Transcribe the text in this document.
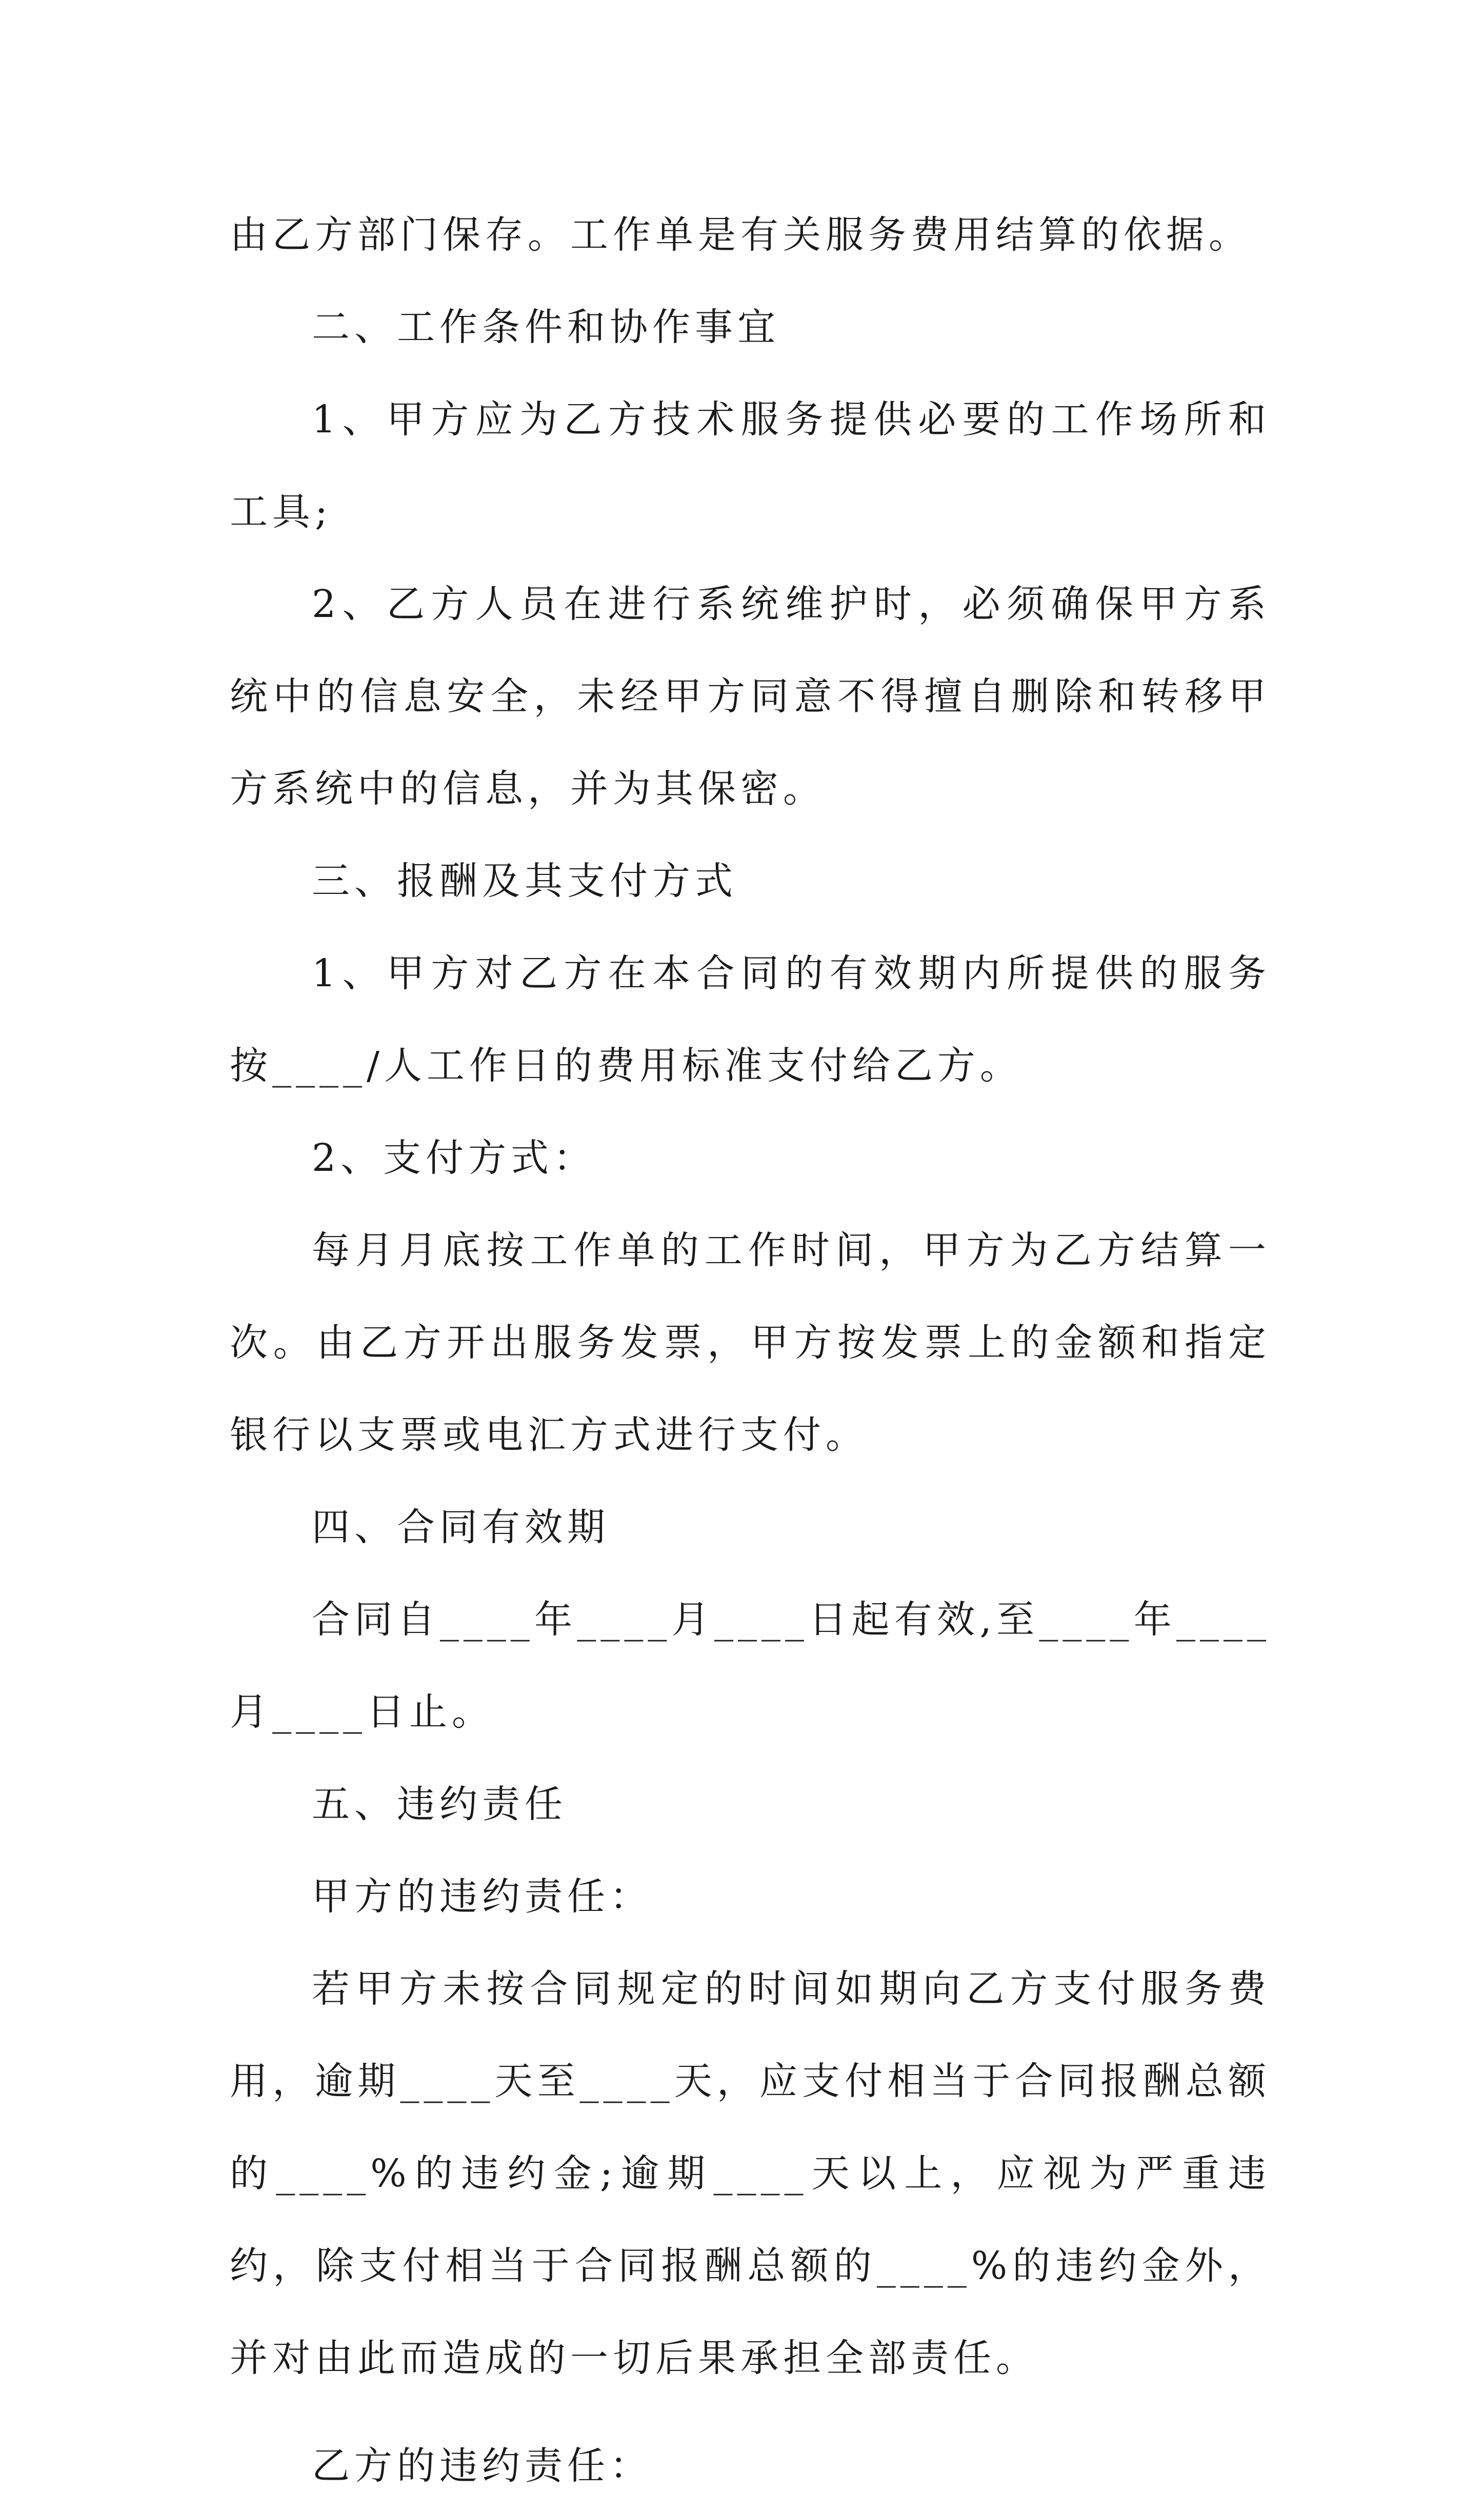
由乙方部门保存。工作单是有关服务费用结算的依据。

二、工作条件和协作事宜

1、甲方应为乙方技术服务提供必要的工作场所和工具;

2、乙方人员在进行系统维护时，必须确保甲方系统中的信息安全，未经甲方同意不得擅自删除和转移甲方系统中的信息，并为其保密。

三、报酬及其支付方式

1、甲方对乙方在本合同的有效期内所提供的服务按____/人工作日的费用标准支付给乙方。

2、支付方式：

每月月底按工作单的工作时间，甲方为乙方结算一次。由乙方开出服务发票，甲方按发票上的金额和指定银行以支票或电汇方式进行支付。

四、合同有效期

合同自____年____月____日起有效,至____年____月____日止。

五、违约责任

甲方的违约责任：

若甲方未按合同规定的时间如期向乙方支付服务费用，逾期____天至____天，应支付相当于合同报酬总额的____%的违约金;逾期____天以上，应视为严重违约，除支付相当于合同报酬总额的____%的违约金外，并对由此而造成的一切后果承担全部责任。

乙方的违约责任：
